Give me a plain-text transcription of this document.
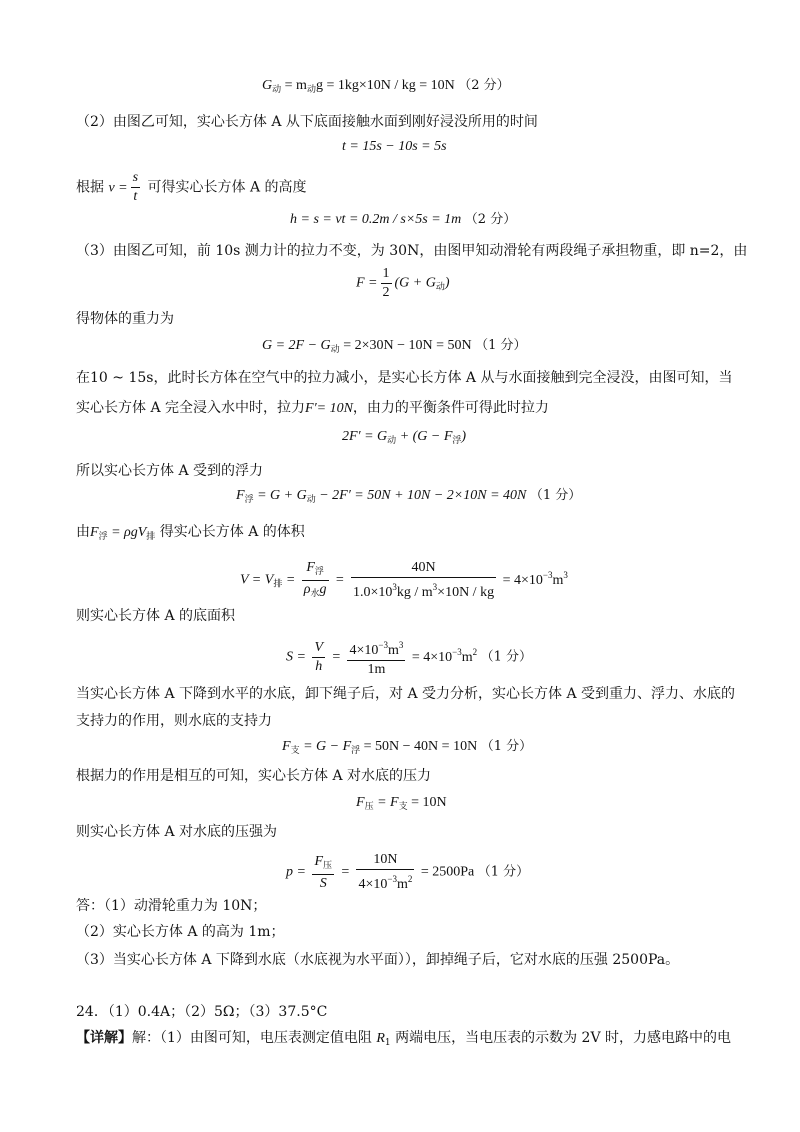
$G_动 = m_动g = 1kg\times 10N$ / kg = 10N （2 分）
（2）由图乙可知，实心长方体 A 从下底面接触水面到刚好浸没所用的时间
t = 15s − 10s = 5s
根据 $v = \frac{s}{t}$ 可得实心长方体 A 的高度
h = s = vt = 0.2m / s×5s = 1m （2 分）
（3）由图乙可知，前 10s 测力计的拉力不变，为 30N，由图甲知动滑轮有两段绳子承担物重，即 n=2，由
$F = \frac{1}{2} (G + G_动)$
得物体的重力为
$G = 2F - G_动 = 2\times 30N - 10N = 50N$ （1 分）
在10 ~ 15s，此时长方体在空气中的拉力减小，是实心长方体 A 从与水面接触到完全浸没，由图可知，当
实心长方体 A 完全浸入水中时，拉力F′= 10N，由力的平衡条件可得此时拉力
$2F' = G_动 + (G - F_浮)$
所以实心长方体 A 受到的浮力
$F_浮 = G + G_动 - 2F' = 50N + 10N - 2\times 10N = 40N$ （1 分）
由$F_浮 = \rho gV_排$ 得实心长方体 A 的体积
$V = V_排 = \frac{F_浮}{\rho_水g} = \frac{40N}{1.0\times 10^3kg / m^3\times 10N / kg} = 4\times 10^{-3}m^3$
则实心长方体 A 的底面积
$S = \frac{V}{h} = \frac{4\times 10^{-3}m^3}{1m} = 4\times 10^{-3}m^2$ （1 分）
当实心长方体 A 下降到水平的水底，卸下绳子后，对 A 受力分析，实心长方体 A 受到重力、浮力、水底的
支持力的作用，则水底的支持力
$F_支 = G - F_浮 = 50N - 40N = 10N$ （1 分）
根据力的作用是相互的可知，实心长方体 A 对水底的压力
$F_压 = F_支 = 10N$
则实心长方体 A 对水底的压强为
$p = \frac{F_压}{S} = \frac{10N}{4\times 10^{-3}m^2} = 2500Pa$ （1 分）
答：（1）动滑轮重力为 10N；
（2）实心长方体 A 的高为 1m；
（3）当实心长方体 A 下降到水底（水底视为水平面）），卸掉绳子后，它对水底的压强 2500Pa。
24．（1）0.4A；（2）5Ω；（3）37.5°C
【详解】解：（1）由图可知，电压表测定值电阻 $R_1$ 两端电压，当电压表的示数为 2V 时，力感电路中的电
